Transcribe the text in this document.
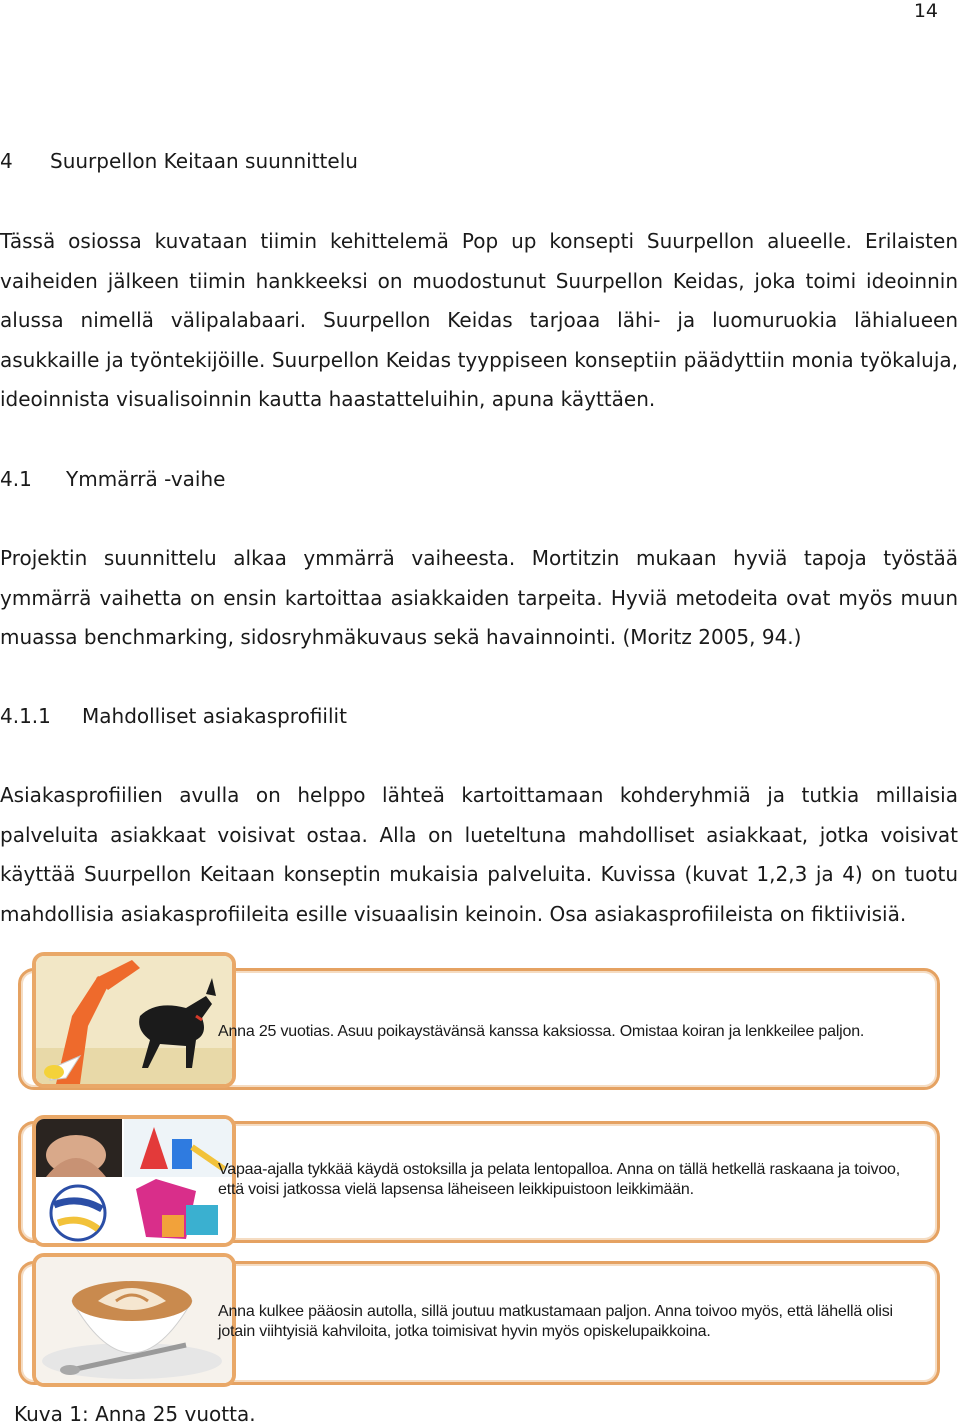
14
4 Suurpellon Keitaan suunnittelu

Tässä osiossa kuvataan tiimin kehittelemä Pop up konsepti Suurpellon alueelle. Erilaisten vaiheiden jälkeen tiimin hankkeeksi on muodostunut Suurpellon Keidas, joka toimi ideoinnin alussa nimellä välipalabaari. Suurpellon Keidas tarjoaa lähi- ja luomuruokia lähialueen asukkaille ja työntekijöille. Suurpellon Keidas tyyppiseen konseptiin päädyttiin monia työkaluja, ideoinnista visualisoinnin kautta haastatteluihin, apuna käyttäen.

4.1 Ymmärrä -vaihe

Projektin suunnittelu alkaa ymmärrä vaiheesta. Mortitzin mukaan hyviä tapoja työstää ymmärrä vaihetta on ensin kartoittaa asiakkaiden tarpeita. Hyviä metodeita ovat myös muun muassa benchmarking, sidosryhmäkuvaus sekä havainnointi. (Moritz 2005, 94.)

4.1.1 Mahdolliset asiakasprofiilit

Asiakasprofiilien avulla on helppo lähteä kartoittamaan kohderyhmiä ja tutkia millaisia palveluita asiakkaat voisivat ostaa. Alla on lueteltuna mahdolliset asiakkaat, jotka voisivat käyttää Suurpellon Keitaan konseptin mukaisia palveluita. Kuvissa (kuvat 1,2,3 ja 4) on tuotu mahdollisia asiakasprofiileita esille visuaalisin keinoin. Osa asiakasprofiileista on fiktiivisiä.

Anna 25 vuotias. Asuu poikaystävänsä kanssa kaksiossa. Omistaa koiran ja lenkkeilee paljon.
Vapaa-ajalla tykkää käydä ostoksilla ja pelata lentopalloa. Anna on tällä hetkellä raskaana ja toivoo, että voisi jatkossa vielä lapsensa läheiseen leikkipuistoon leikkimään.
Anna kulkee pääosin autolla, sillä joutuu matkustamaan paljon. Anna toivoo myös, että lähellä olisi jotain viihtyisiä kahviloita, jotka toimisivat hyvin myös opiskelupaikkoina.
Kuva 1: Anna 25 vuotta.
